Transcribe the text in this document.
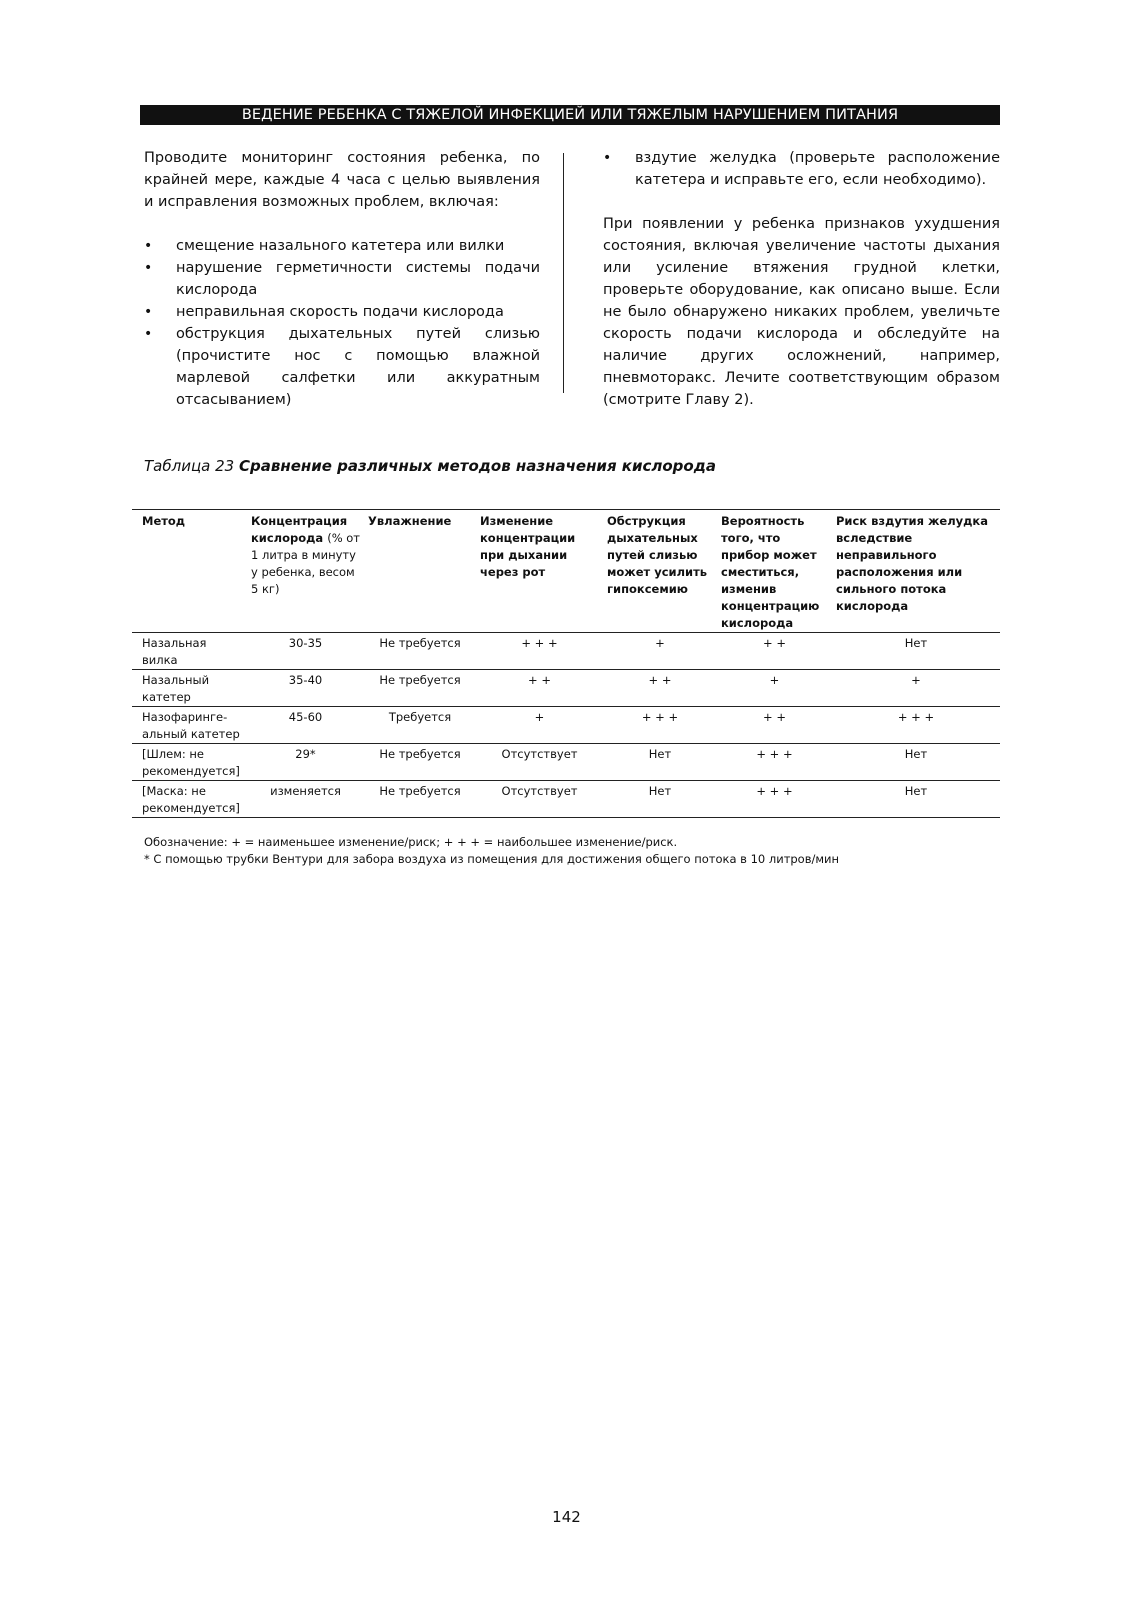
ВЕДЕНИЕ РЕБЕНКА С ТЯЖЕЛОЙ ИНФЕКЦИЕЙ ИЛИ ТЯЖЕЛЫМ НАРУШЕНИЕМ ПИТАНИЯ

Проводите мониторинг состояния ребенка, по крайней мере, каждые 4 часа с целью выявления и исправления возможных проблем, включая:

• смещение назального катетера или вилки
• нарушение герметичности системы подачи кислорода
• неправильная скорость подачи кислорода
• обструкция дыхательных путей слизью (прочистите нос с помощью влажной марлевой салфетки или аккуратным отсасыванием)
• вздутие желудка (проверьте расположение катетера и исправьте его, если необходимо).

При появлении у ребенка признаков ухудшения состояния, включая увеличение частоты дыхания или усиление втяжения грудной клетки, проверьте оборудование, как описано выше. Если не было обнаружено никаких проблем, увеличьте скорость подачи кислорода и обследуйте на наличие других осложнений, например, пневмоторакс. Лечите соответствующим образом (смотрите Главу 2).

Таблица 23 Сравнение различных методов назначения кислорода
Метод	Концентрация кислорода (% от 1 литра в минуту у ребенка, весом 5 кг)	Увлажнение	Изменение концентрации при дыхании через рот	Обструкция дыхательных путей слизью может усилить гипоксемию	Вероятность того, что прибор может сместиться, изменив концентрацию кислорода	Риск вздутия желудка вследствие неправильного расположения или сильного потока кислорода
Назальная вилка	30-35	Не требуется	+ + +	+	+ +	Нет
Назальный катетер	35-40	Не требуется	+ +	+ +	+	+
Назофаринге-альный катетер	45-60	Требуется	+	+ + +	+ +	+ + +
[Шлем: не рекомендуется]	29*	Не требуется	Отсутствует	Нет	+ + +	Нет
[Маска: не рекомендуется]	изменяется	Не требуется	Отсутствует	Нет	+ + +	Нет
Обозначение: + = наименьшее изменение/риск; + + + = наибольшее изменение/риск.
* С помощью трубки Вентури для забора воздуха из помещения для достижения общего потока в 10 литров/мин
142
